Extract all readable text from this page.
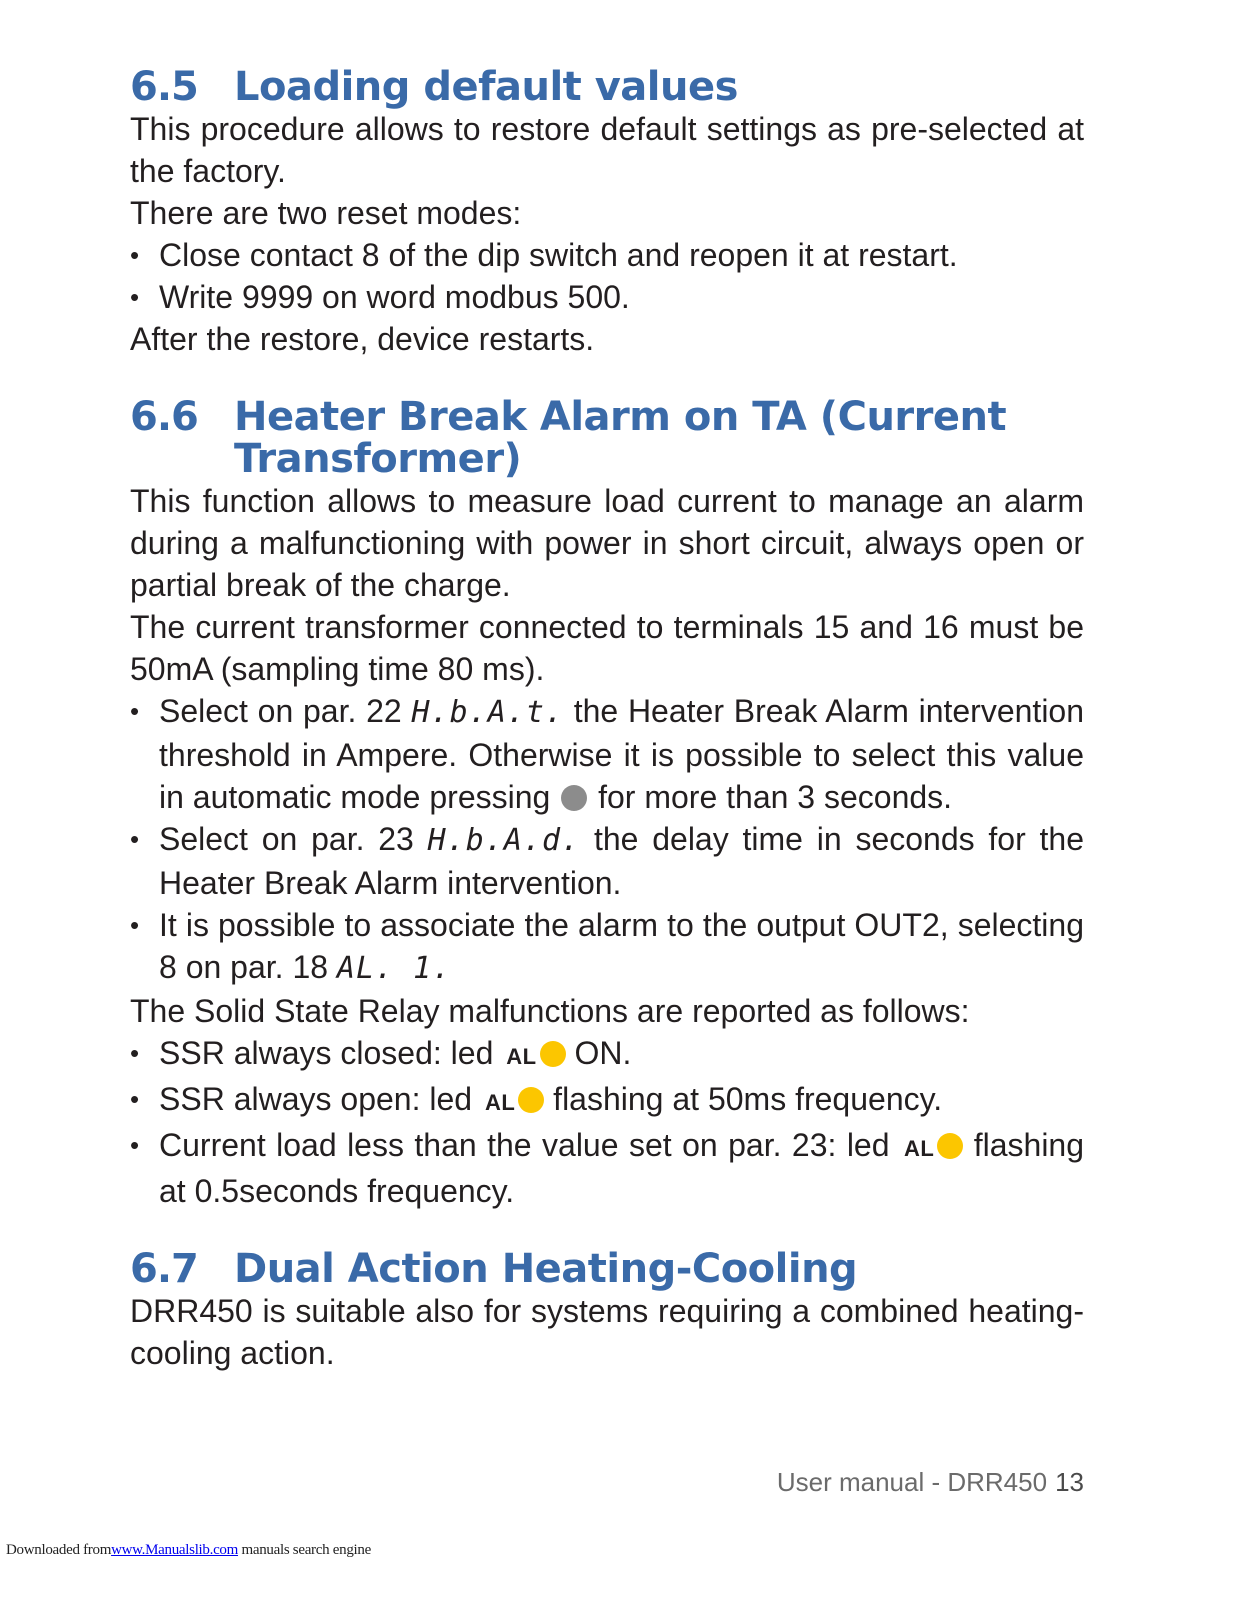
6.5 Loading default values

This procedure allows to restore default settings as pre-selected at the factory.

There are two reset modes:

• Close contact 8 of the dip switch and reopen it at restart.
• Write 9999 on word modbus 500.

After the restore, device restarts.

6.6 Heater Break Alarm on TA (Current Transformer)

This function allows to measure load current to manage an alarm during a malfunctioning with power in short circuit, always open or partial break of the charge.

The current transformer connected to terminals 15 and 16 must be 50mA (sampling time 80 ms).

• Select on par. 22 H.b.A.t. the Heater Break Alarm intervention threshold in Ampere. Otherwise it is possible to select this value in automatic mode pressing for more than 3 seconds.
• Select on par. 23 H.b.A.d. the delay time in seconds for the Heater Break Alarm intervention.
• It is possible to associate the alarm to the output OUT2, selecting 8 on par. 18 AL. 1.

The Solid State Relay malfunctions are reported as follows:

• SSR always closed: led AL ON.
• SSR always open: led AL flashing at 50ms frequency.
• Current load less than the value set on par. 23: led AL flashing at 0.5seconds frequency.
6.7 Dual Action Heating-Cooling

DRR450 is suitable also for systems requiring a combined heating-cooling action.

User manual - DRR450 13
Downloaded fromwww.Manualslib.com manuals search engine
